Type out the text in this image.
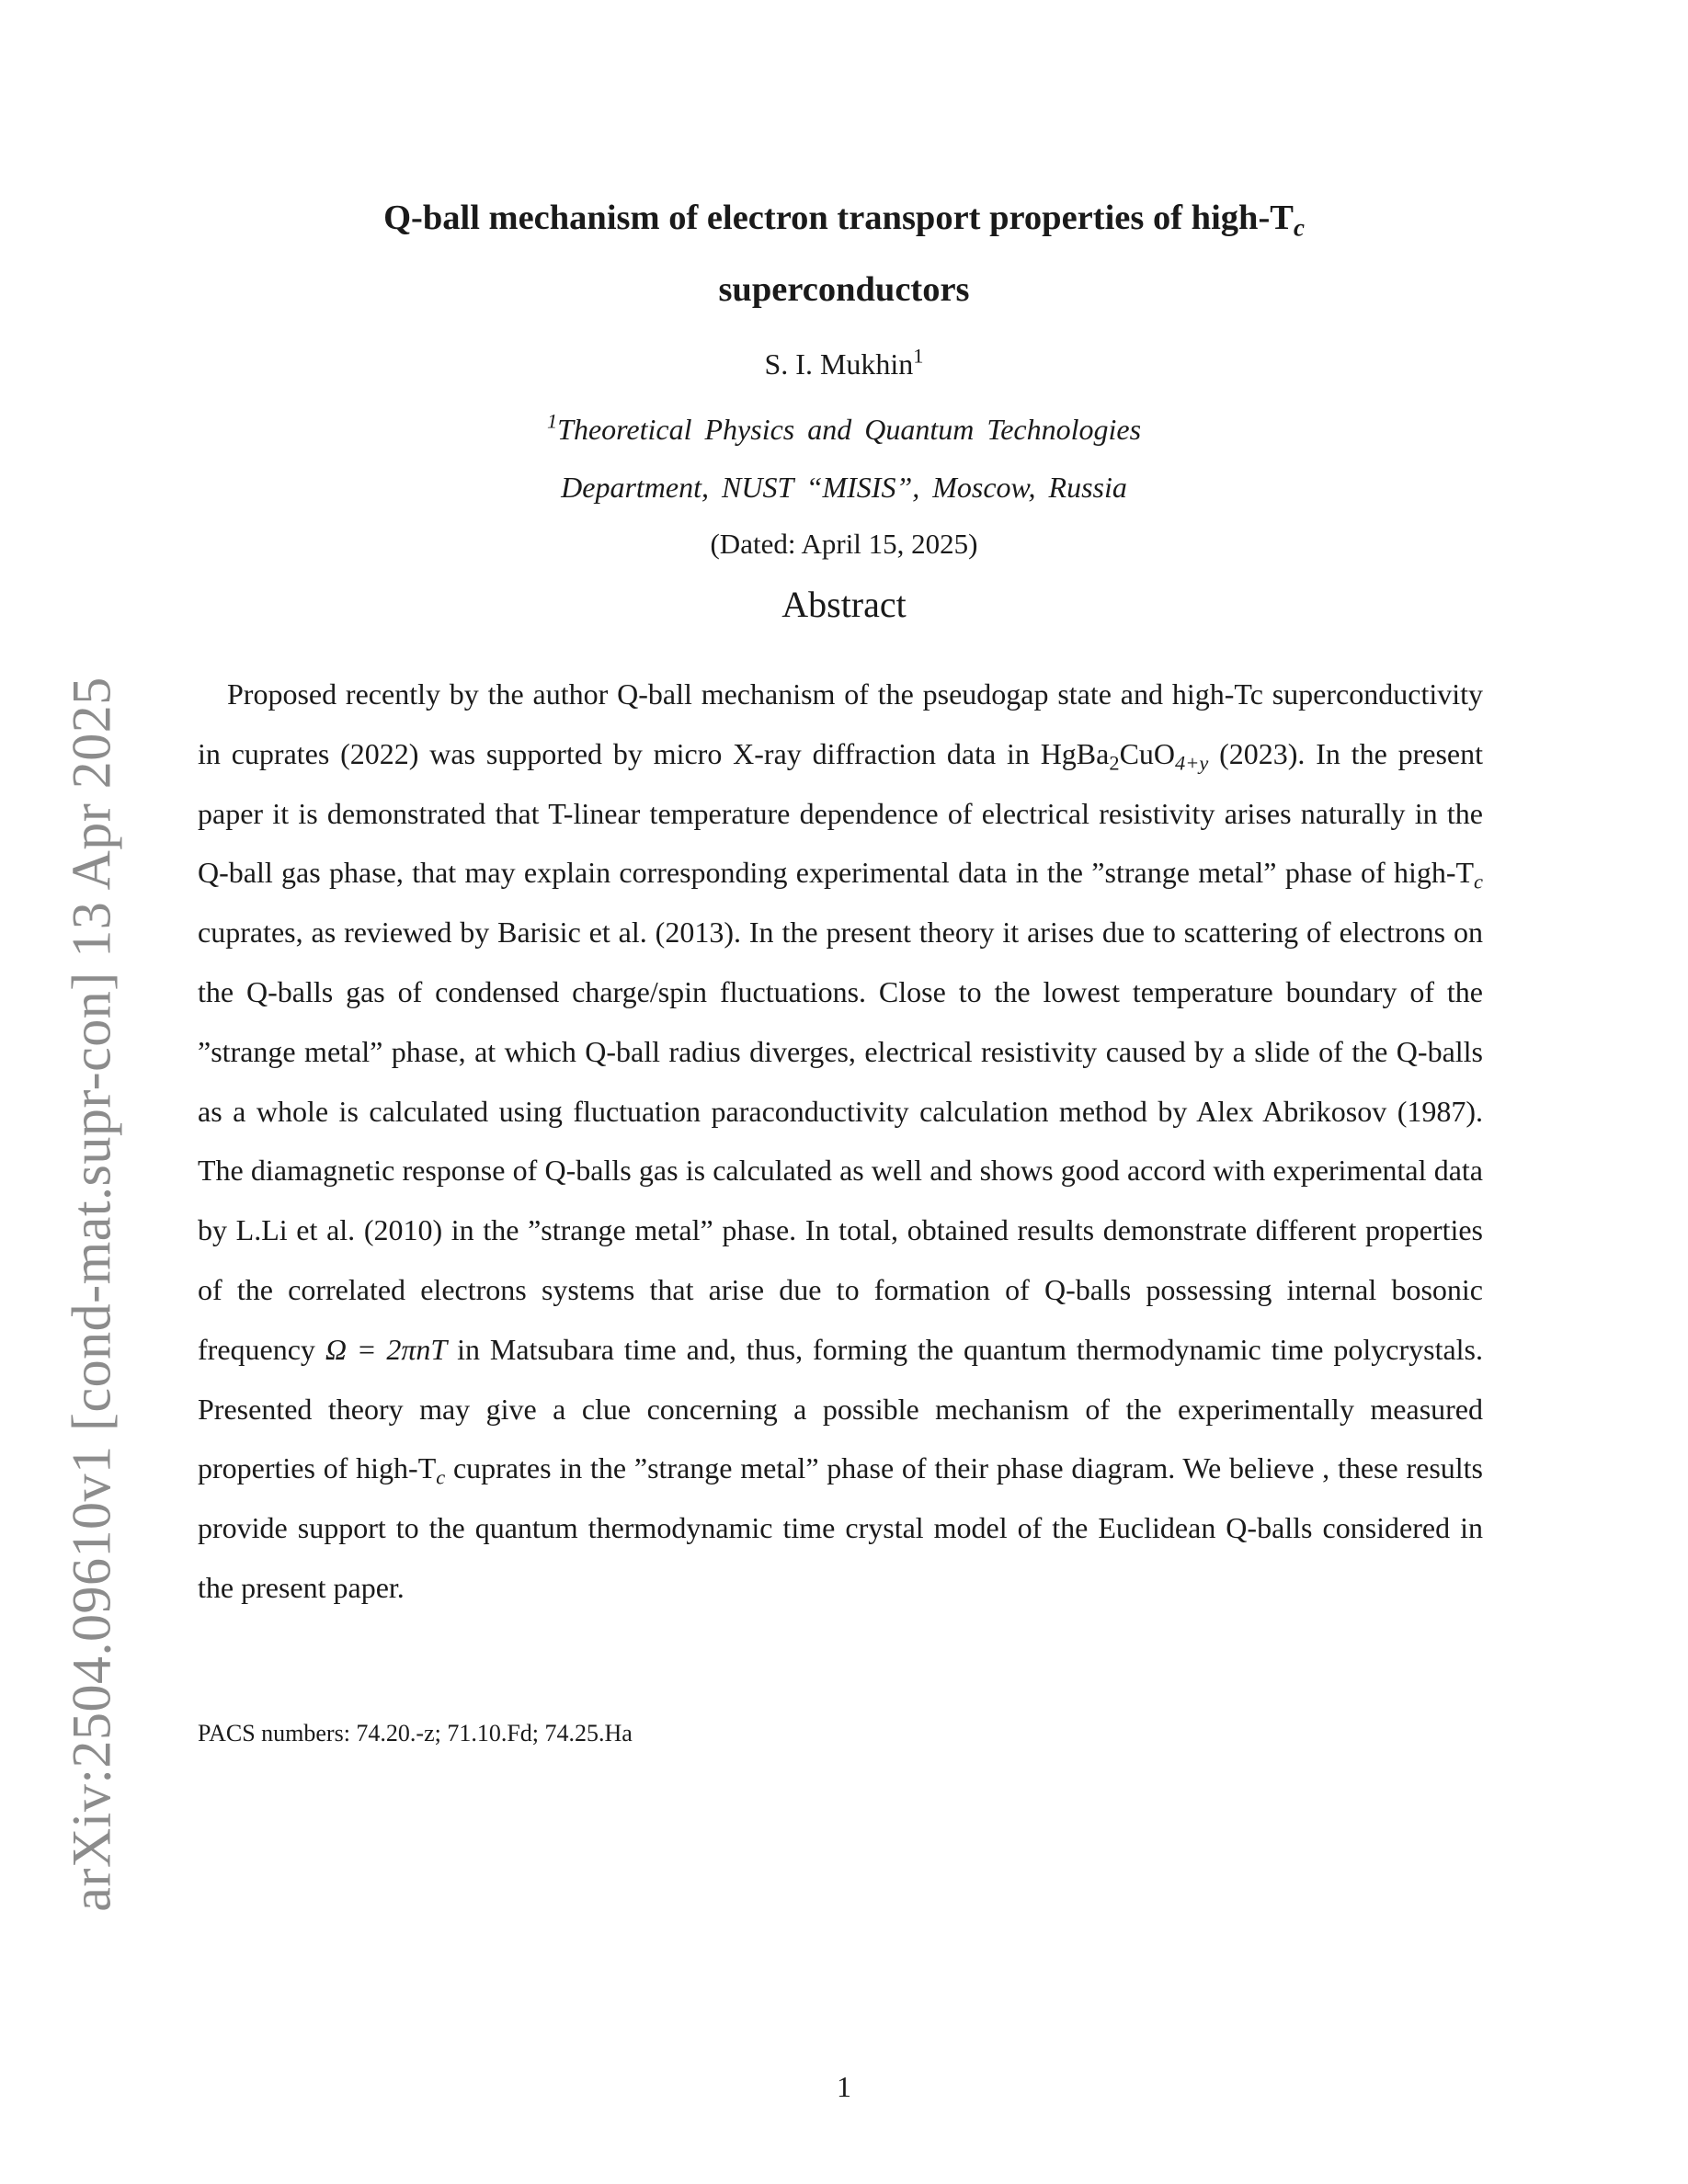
arXiv:2504.09610v1 [cond-mat.supr-con] 13 Apr 2025
Q-ball mechanism of electron transport properties of high-$T_c$
superconductors
S. I. Mukhin$^1$
$^1$Theoretical Physics and Quantum Technologies
Department, NUST “MISIS”, Moscow, Russia
(Dated: April 15, 2025)
Abstract

Proposed recently by the author Q-ball mechanism of the pseudogap state and high-Tc superconductivity in cuprates (2022) was supported by micro X-ray diffraction data in HgBa$_2$CuO$_{4+y}$ (2023). In the present paper it is demonstrated that T-linear temperature dependence of electrical resistivity arises naturally in the Q-ball gas phase, that may explain corresponding experimental data in the ”strange metal” phase of high-$T_c$ cuprates, as reviewed by Barisic et al. (2013). In the present theory it arises due to scattering of electrons on the Q-balls gas of condensed charge/spin fluctuations. Close to the lowest temperature boundary of the ”strange metal” phase, at which Q-ball radius diverges, electrical resistivity caused by a slide of the Q-balls as a whole is calculated using fluctuation paraconductivity calculation method by Alex Abrikosov (1987). The diamagnetic response of Q-balls gas is calculated as well and shows good accord with experimental data by L.Li et al. (2010) in the ”strange metal” phase. In total, obtained results demonstrate different properties of the correlated electrons systems that arise due to formation of Q-balls possessing internal bosonic frequency Ω = 2πnT in Matsubara time and, thus, forming the quantum thermodynamic time polycrystals. Presented theory may give a clue concerning a possible mechanism of the experimentally measured properties of high-$T_c$ cuprates in the ”strange metal” phase of their phase diagram. We believe , these results provide support to the quantum thermodynamic time crystal model of the Euclidean Q-balls considered in the present paper.

PACS numbers: 74.20.-z; 71.10.Fd; 74.25.Ha
1
